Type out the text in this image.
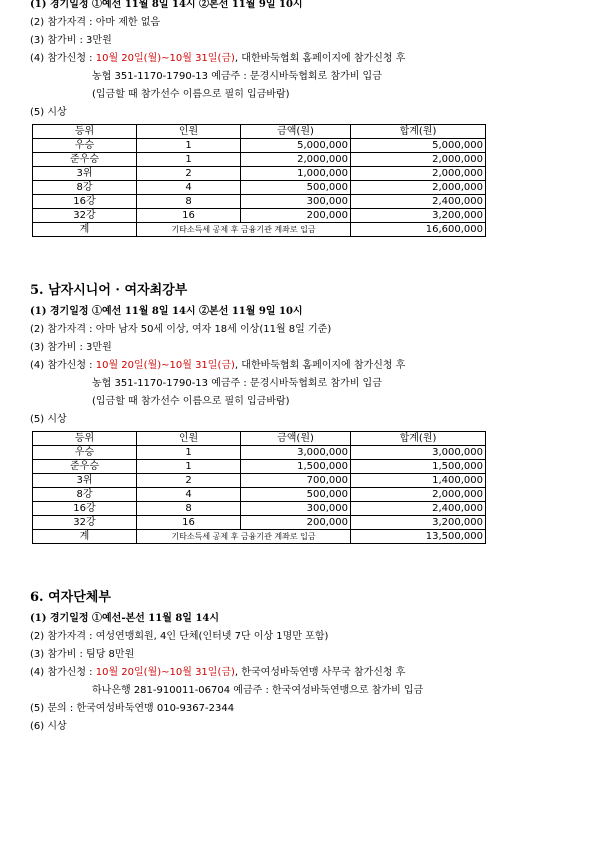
(1) 경기일정 ①예선 11월 8일 14시 ②본선 11월 9일 10시
(2) 참가자격 : 아마 제한 없음
(3) 참가비 : 3만원
(4) 참가신청 : 10월 20일(월)~10월 31일(금), 대한바둑협회 홈페이지에 참가신청 후
농협 351-1170-1790-13 예금주 : 문경시바둑협회로 참가비 입금
(입금할 때 참가선수 이름으로 필히 입금바람)
(5) 시상
등위	인원	금액(원)	합계(원)
우승	1	5,000,000	5,000,000
준우승	1	2,000,000	2,000,000
3위	2	1,000,000	2,000,000
8강	4	500,000	2,000,000
16강	8	300,000	2,400,000
32강	16	200,000	3,200,000
계	기타소득세 공제 후 금융기관 계좌로 입금		16,600,000
5. 남자시니어 · 여자최강부
(1) 경기일정 ①예선 11월 8일 14시 ②본선 11월 9일 10시
(2) 참가자격 : 아마 남자 50세 이상, 여자 18세 이상(11월 8일 기준)
(3) 참가비 : 3만원
(4) 참가신청 : 10월 20일(월)~10월 31일(금), 대한바둑협회 홈페이지에 참가신청 후
농협 351-1170-1790-13 예금주 : 문경시바둑협회로 참가비 입금
(입금할 때 참가선수 이름으로 필히 입금바람)
(5) 시상
등위	인원	금액(원)	합계(원)
우승	1	3,000,000	3,000,000
준우승	1	1,500,000	1,500,000
3위	2	700,000	1,400,000
8강	4	500,000	2,000,000
16강	8	300,000	2,400,000
32강	16	200,000	3,200,000
계	기타소득세 공제 후 금융기관 계좌로 입금		13,500,000
6. 여자단체부
(1) 경기일정 ①예선-본선 11월 8일 14시
(2) 참가자격 : 여성연맹회원, 4인 단체(인터넷 7단 이상 1명만 포함)
(3) 참가비 : 팀당 8만원
(4) 참가신청 : 10월 20일(월)~10월 31일(금), 한국여성바둑연맹 사무국 참가신청 후
하나은행 281-910011-06704 예금주 : 한국여성바둑연맹으로 참가비 입금
(5) 문의 : 한국여성바둑연맹 010-9367-2344
(6) 시상
